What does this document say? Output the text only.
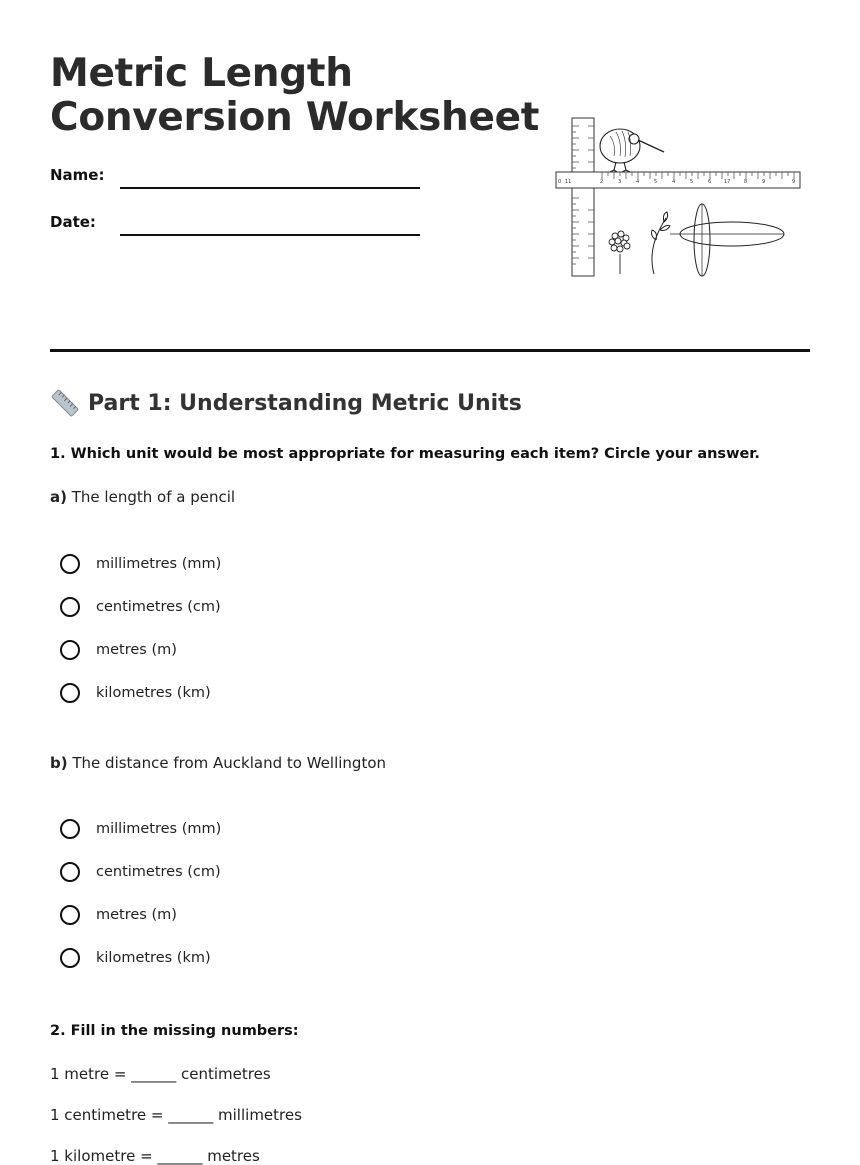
Metric Length
Conversion Worksheet
Name:
Date:
0 11	2	3	4	5	4	5	6	17	8	9	9
Part 1: Understanding Metric Units
1. Which unit would be most appropriate for measuring each item? Circle your answer.
a) The length of a pencil
millimetres (mm)
centimetres (cm)
metres (m)
kilometres (km)
b) The distance from Auckland to Wellington
millimetres (mm)
centimetres (cm)
metres (m)
kilometres (km)
2. Fill in the missing numbers:
1 metre = ______ centimetres
1 centimetre = ______ millimetres
1 kilometre = ______ metres
